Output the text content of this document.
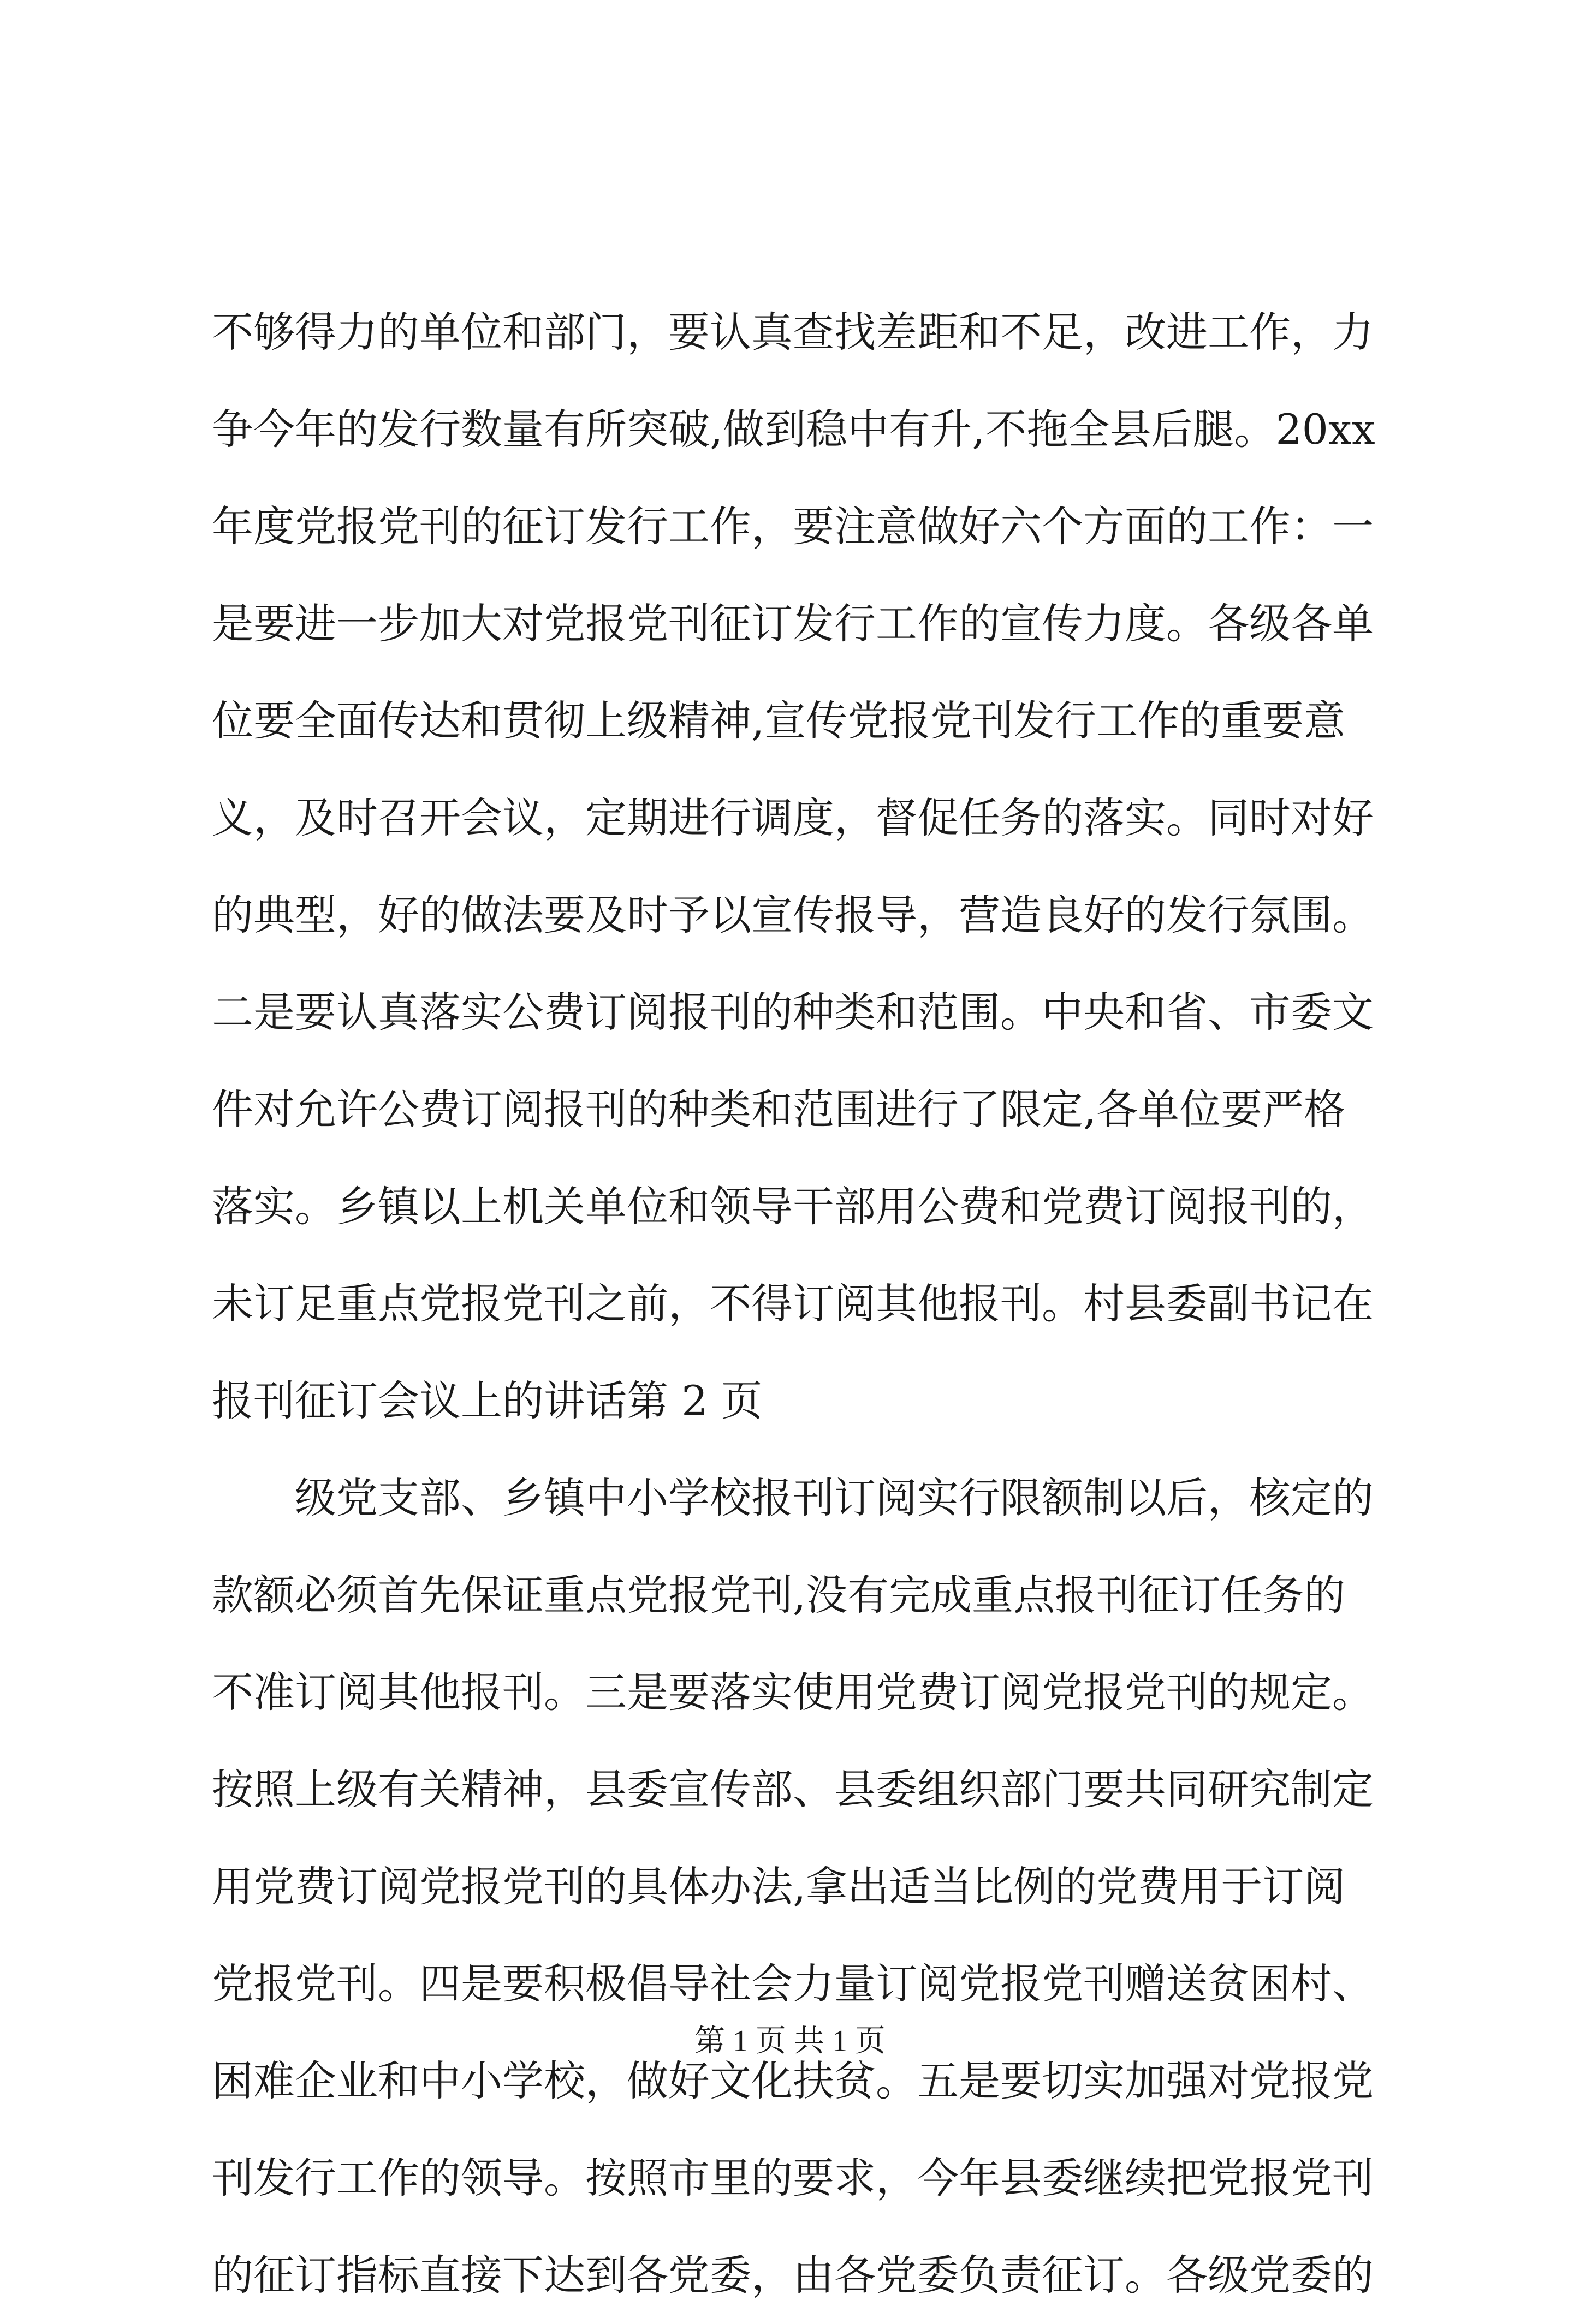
不够得力的单位和部门，要认真查找差距和不足，改进工作，力
争今年的发行数量有所突破,做到稳中有升,不拖全县后腿。20xx
年度党报党刊的征订发行工作，要注意做好六个方面的工作：一
是要进一步加大对党报党刊征订发行工作的宣传力度。各级各单
位要全面传达和贯彻上级精神,宣传党报党刊发行工作的重要意
义，及时召开会议，定期进行调度，督促任务的落实。同时对好
的典型，好的做法要及时予以宣传报导，营造良好的发行氛围。
二是要认真落实公费订阅报刊的种类和范围。中央和省、市委文
件对允许公费订阅报刊的种类和范围进行了限定,各单位要严格
落实。乡镇以上机关单位和领导干部用公费和党费订阅报刊的，
未订足重点党报党刊之前，不得订阅其他报刊。村县委副书记在
报刊征订会议上的讲话第 2 页
　　级党支部、乡镇中小学校报刊订阅实行限额制以后，核定的
款额必须首先保证重点党报党刊,没有完成重点报刊征订任务的
不准订阅其他报刊。三是要落实使用党费订阅党报党刊的规定。
按照上级有关精神，县委宣传部、县委组织部门要共同研究制定
用党费订阅党报党刊的具体办法,拿出适当比例的党费用于订阅
党报党刊。四是要积极倡导社会力量订阅党报党刊赠送贫困村、
困难企业和中小学校，做好文化扶贫。五是要切实加强对党报党
刊发行工作的领导。按照市里的要求，今年县委继续把党报党刊
的征订指标直接下达到各党委，由各党委负责征订。各级党委的
第 1 页 共 1 页
